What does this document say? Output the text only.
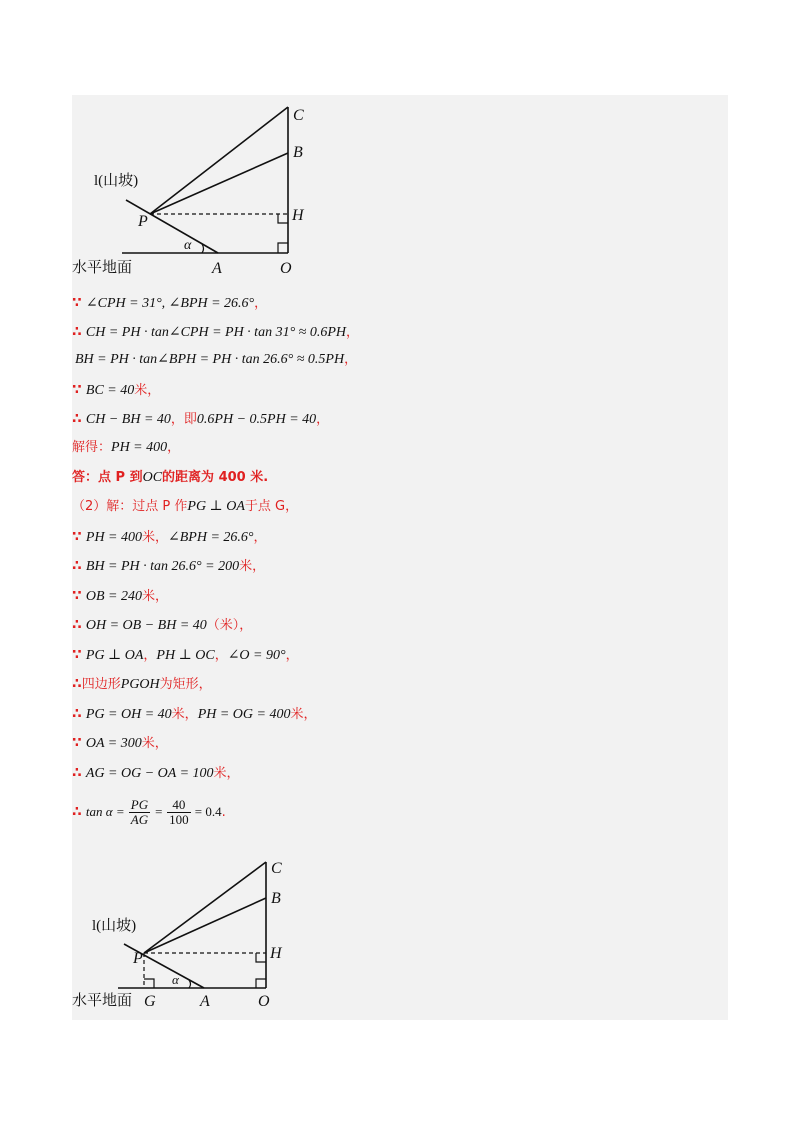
C
B
H
P
A	O
α
l(山坡)
水平地面
∵ ∠CPH = 31°, ∠BPH = 26.6°，
∴ CH = PH · tan∠CPH = PH · tan 31° ≈ 0.6PH，
BH = PH · tan∠BPH = PH · tan 26.6° ≈ 0.5PH，
∵ BC = 40米，
∴ CH − BH = 40，即0.6PH − 0.5PH = 40，
解得：PH = 400，
答：点 P 到OC的距离为 400 米.
（2）解：过点 P 作PG ⊥ OA于点 G，
∵ PH = 400米，∠BPH = 26.6°，
∴ BH = PH · tan 26.6° = 200米，
∵ OB = 240米，
∴ OH = OB − BH = 40（米），
∵ PG ⊥ OA，PH ⊥ OC，∠O = 90°，
∴四边形PGOH为矩形，
∴ PG = OH = 40米，PH = OG = 400米，
∵ OA = 300米，
∴ AG = OG − OA = 100米，
∴ $\tan \alpha = \frac{PG}{AG} = \frac{40}{100} = 0.4$.
C
B
H
P
A	O
G
α
l(山坡)
水平地面
